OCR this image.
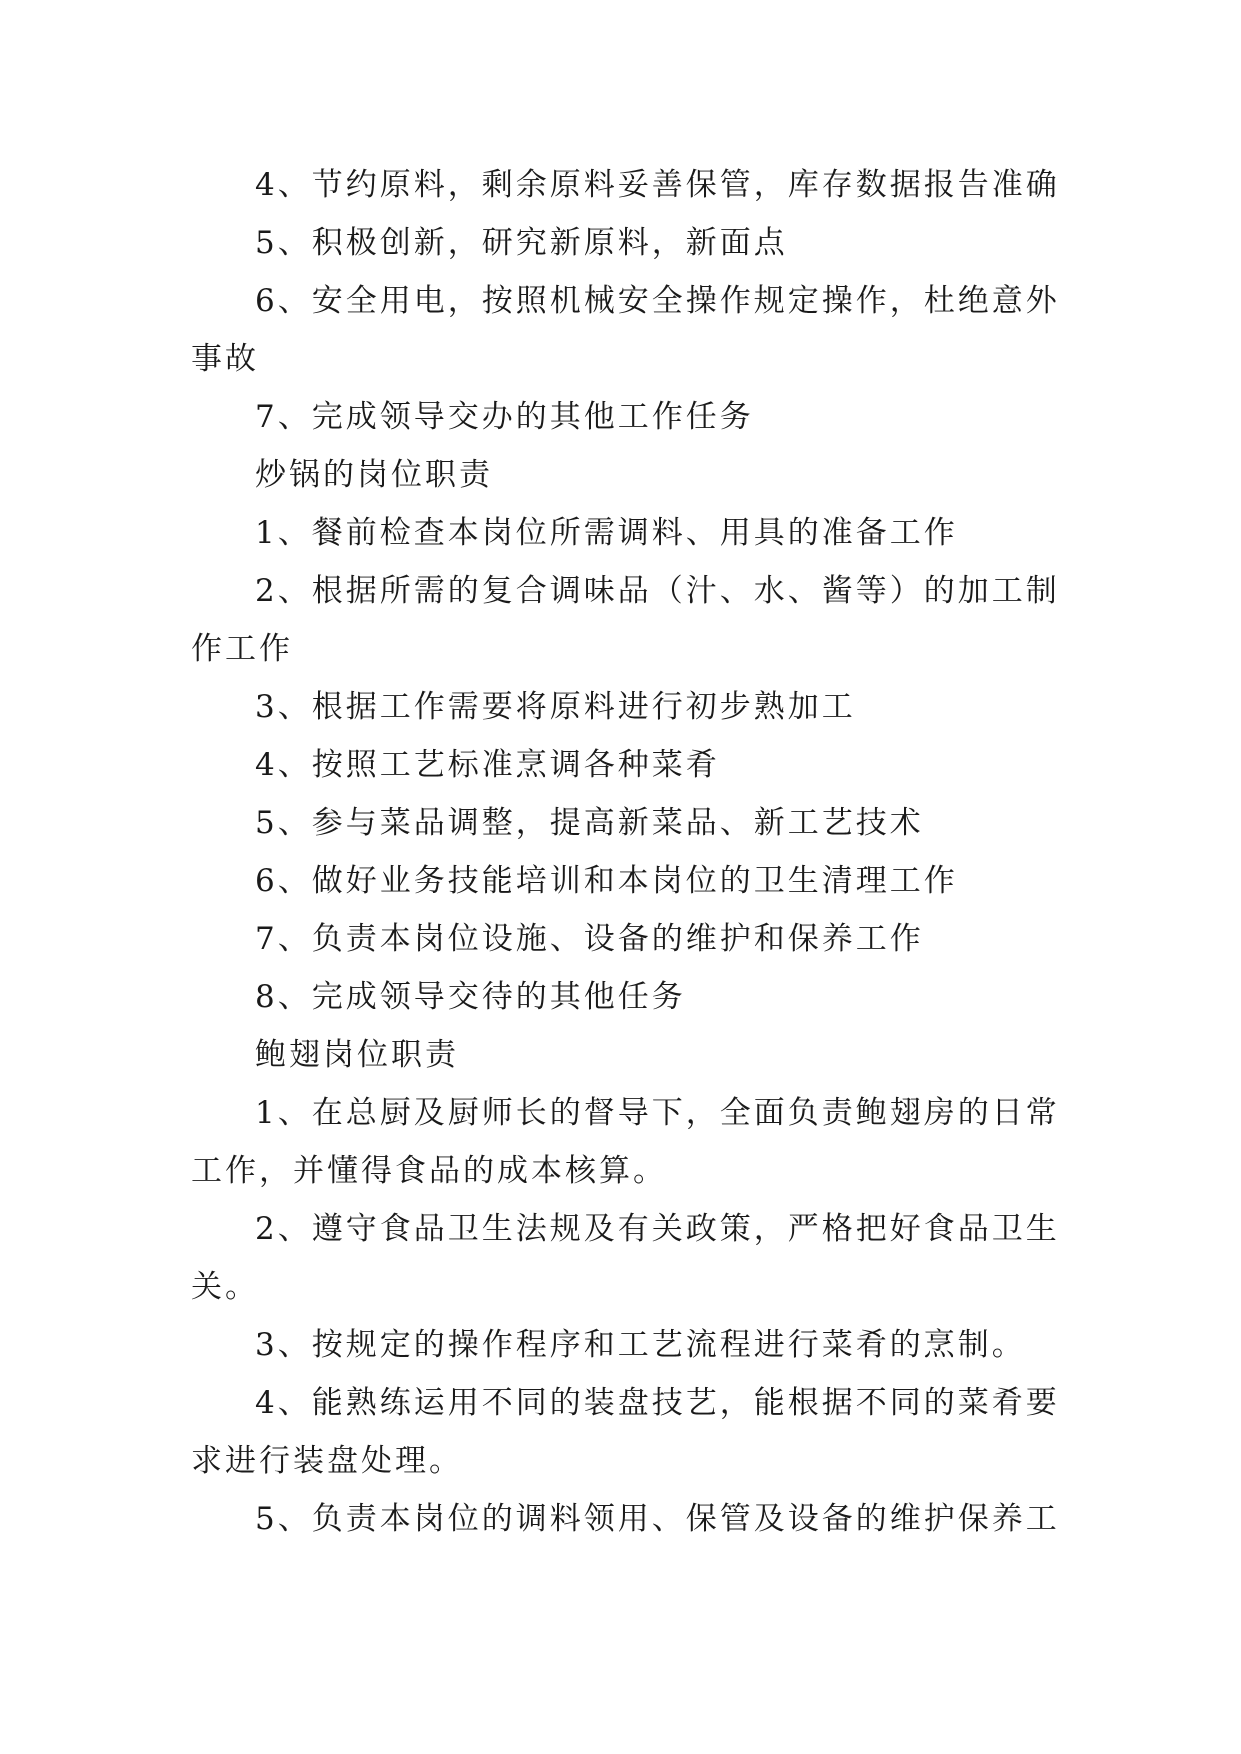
4、节约原料，剩余原料妥善保管，库存数据报告准确

5、积极创新，研究新原料，新面点

6、安全用电，按照机械安全操作规定操作，杜绝意外事故

7、完成领导交办的其他工作任务

炒锅的岗位职责

1、餐前检查本岗位所需调料、用具的准备工作

2、根据所需的复合调味品（汁、水、酱等）的加工制作工作

3、根据工作需要将原料进行初步熟加工

4、按照工艺标准烹调各种菜肴

5、参与菜品调整，提高新菜品、新工艺技术

6、做好业务技能培训和本岗位的卫生清理工作

7、负责本岗位设施、设备的维护和保养工作

8、完成领导交待的其他任务

鲍翅岗位职责

1、在总厨及厨师长的督导下，全面负责鲍翅房的日常工作，并懂得食品的成本核算。

2、遵守食品卫生法规及有关政策，严格把好食品卫生关。

3、按规定的操作程序和工艺流程进行菜肴的烹制。

4、能熟练运用不同的装盘技艺，能根据不同的菜肴要求进行装盘处理。

5、负责本岗位的调料领用、保管及设备的维护保养工
